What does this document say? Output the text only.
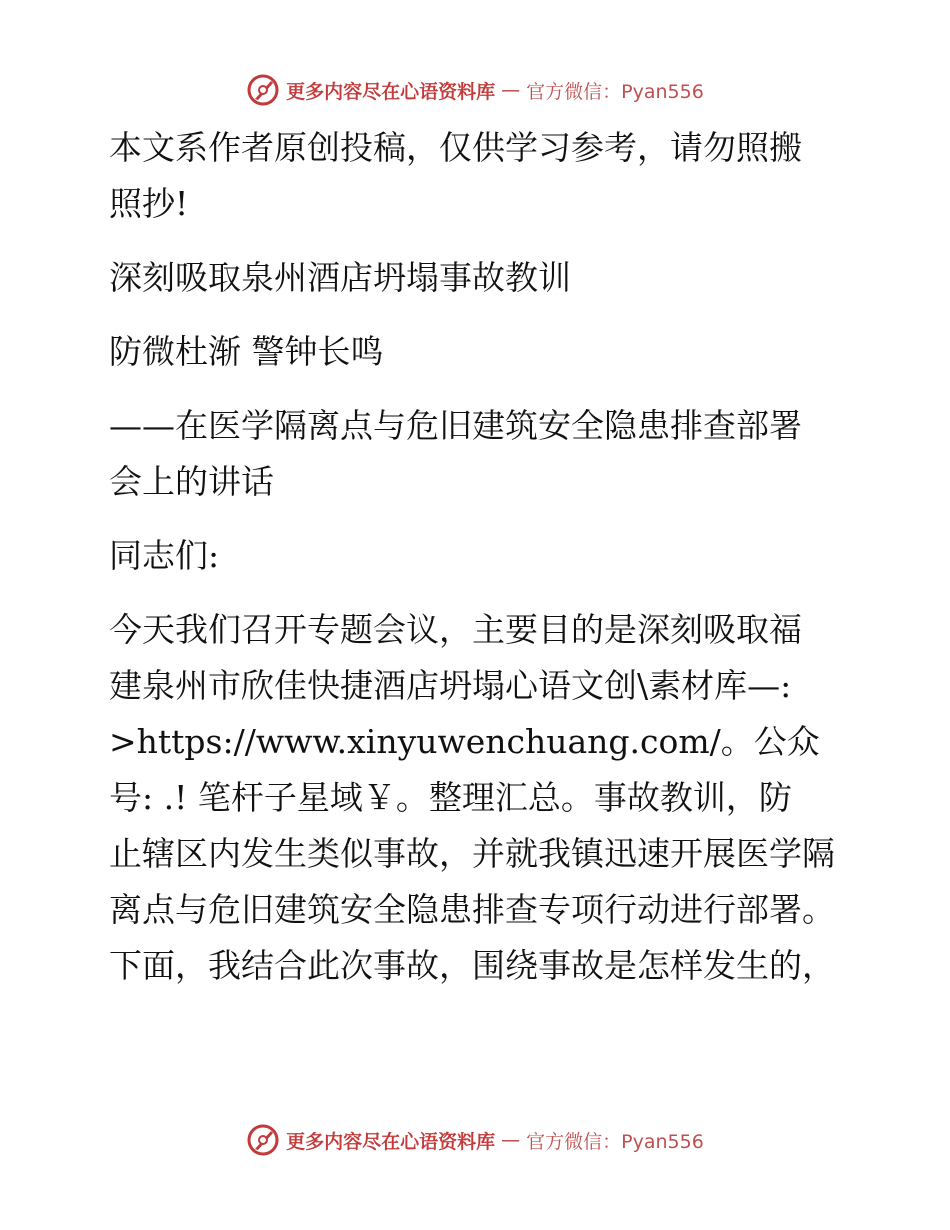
更多内容尽在心语资料库 — 官方微信：Pyan556
本文系作者原创投稿，仅供学习参考，请勿照搬
照抄!
深刻吸取泉州酒店坍塌事故教训
防微杜渐 警钟长鸣
——在医学隔离点与危旧建筑安全隐患排查部署
会上的讲话
同志们:
今天我们召开专题会议，主要目的是深刻吸取福
建泉州市欣佳快捷酒店坍塌心语文创\素材库—:
>https://www.xinyuwenchuang.com/。公众
号: .! 笔杆子星域￥。整理汇总。事故教训，防
止辖区内发生类似事故，并就我镇迅速开展医学隔
离点与危旧建筑安全隐患排查专项行动进行部署。
下面，我结合此次事故，围绕事故是怎样发生的，
更多内容尽在心语资料库 — 官方微信：Pyan556
